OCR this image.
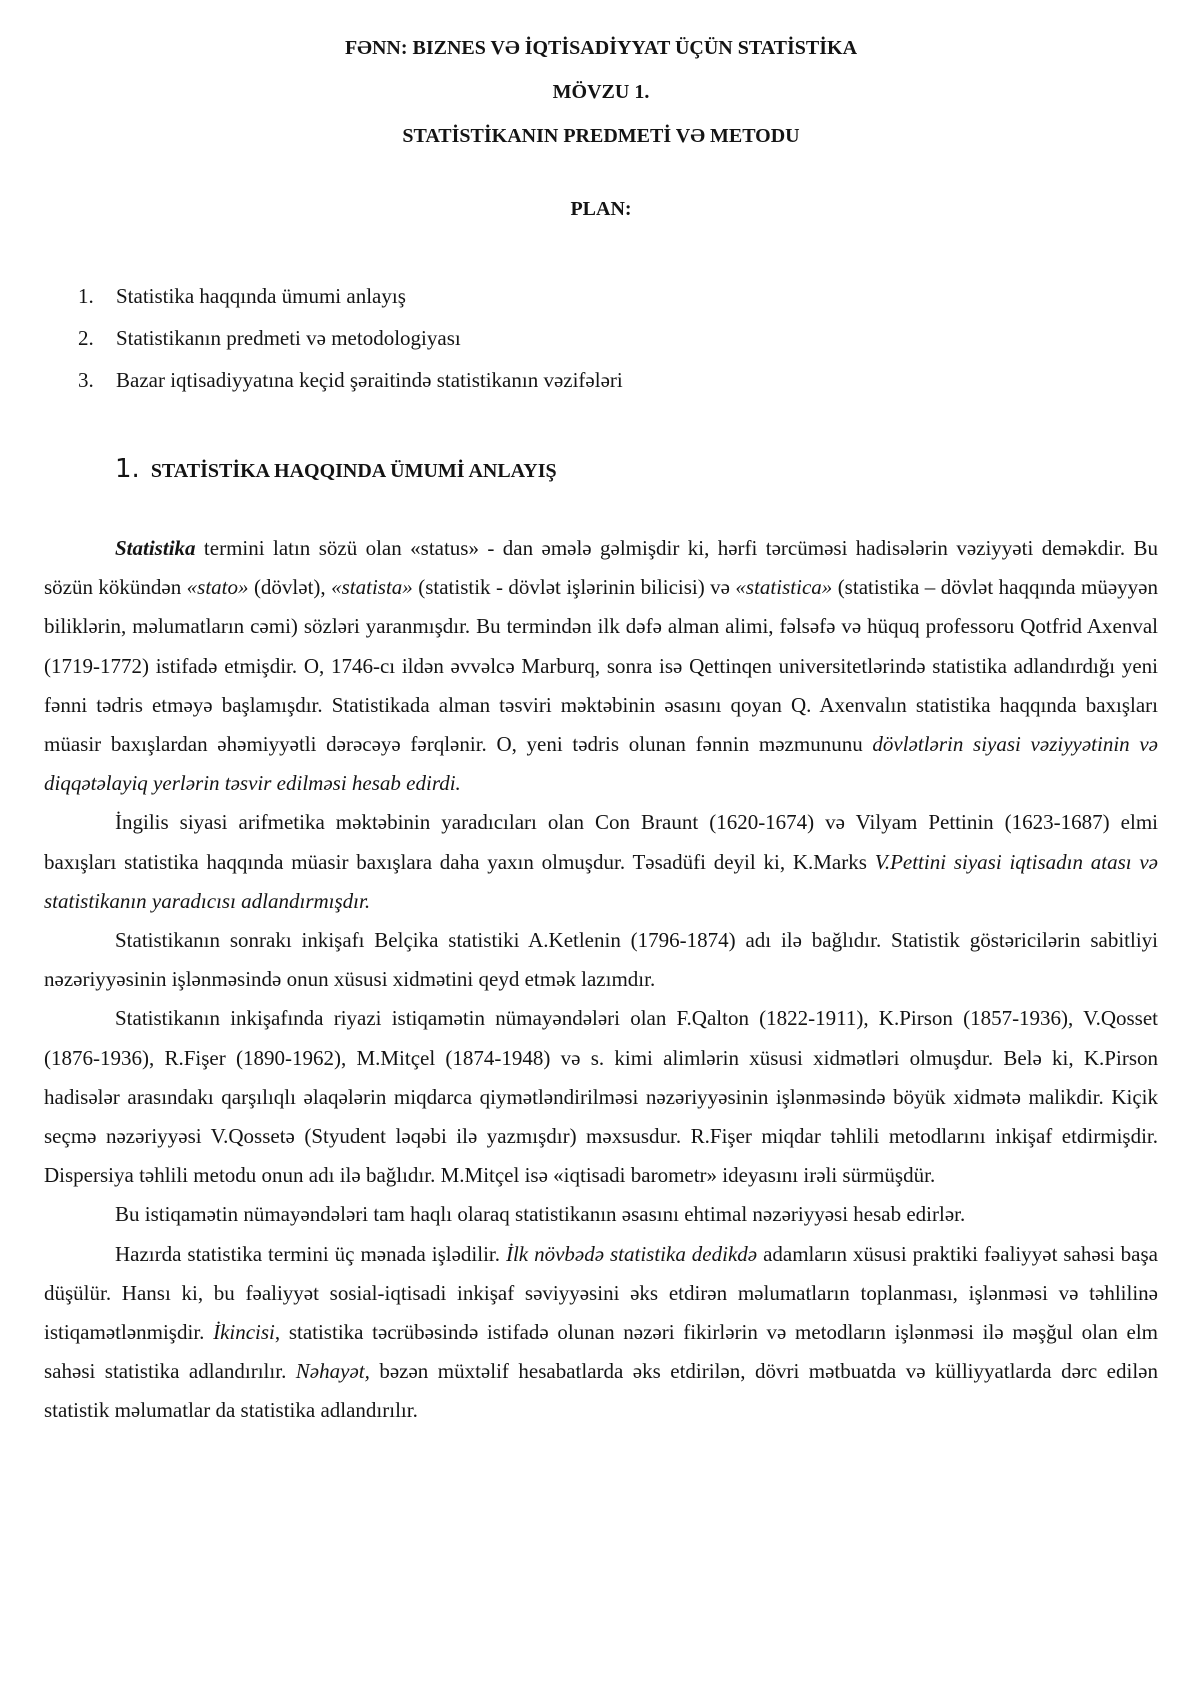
FƏNN: BIZNES VƏ İQTİSADİYYAT ÜÇÜN STATİSTİKA

MÖVZU 1.

STATİSTİKANIN PREDMETİ VƏ METODU

PLAN:

1. Statistika haqqında ümumi anlayış
2. Statistikanın predmeti və metodologiyası
3. Bazar iqtisadiyyatına keçid şəraitində statistikanın vəzifələri
1. STATİSTİKA HAQQINDA ÜMUMİ ANLAYIŞ

Statistika termini latın sözü olan «status» - dan əmələ gəlmişdir ki, hərfi tərcüməsi hadisələrin vəziyyəti deməkdir. Bu sözün kökündən «stato» (dövlət), «statista» (statistik - dövlət işlərinin bilicisi) və «statistica» (statistika – dövlət haqqında müəyyən biliklərin, məlumatların cəmi) sözləri yaranmışdır. Bu termindən ilk dəfə alman alimi, fəlsəfə və hüquq professoru Qotfrid Axenval (1719-1772) istifadə etmişdir. O, 1746-cı ildən əvvəlcə Marburq, sonra isə Qettinqen universitetlərində statistika adlandırdığı yeni fənni tədris etməyə başlamışdır. Statistikada alman təsviri məktəbinin əsasını qoyan Q. Axenvalın statistika haqqında baxışları müasir baxışlardan əhəmiyyətli dərəcəyə fərqlənir. O, yeni tədris olunan fənnin məzmununu dövlətlərin siyasi vəziyyətinin və diqqətəlayiq yerlərin təsvir edilməsi hesab edirdi.

İngilis siyasi arifmetika məktəbinin yaradıcıları olan Con Braunt (1620-1674) və Vilyam Pettinin (1623-1687) elmi baxışları statistika haqqında müasir baxışlara daha yaxın olmuşdur. Təsadüfi deyil ki, K.Marks V.Pettini siyasi iqtisadın atası və statistikanın yaradıcısı adlandırmışdır.

Statistikanın sonrakı inkişafı Belçika statistiki A.Ketlenin (1796-1874) adı ilə bağlıdır. Statistik göstəricilərin sabitliyi nəzəriyyəsinin işlənməsində onun xüsusi xidmətini qeyd etmək lazımdır.

Statistikanın inkişafında riyazi istiqamətin nümayəndələri olan F.Qalton (1822-1911), K.Pirson (1857-1936), V.Qosset (1876-1936), R.Fişer (1890-1962), M.Mitçel (1874-1948) və s. kimi alimlərin xüsusi xidmətləri olmuşdur. Belə ki, K.Pirson hadisələr arasındakı qarşılıqlı əlaqələrin miqdarca qiymətləndirilməsi nəzəriyyəsinin işlənməsində böyük xidmətə malikdir. Kiçik seçmə nəzəriyyəsi V.Qossetə (Styudent ləqəbi ilə yazmışdır) məxsusdur. R.Fişer miqdar təhlili metodlarını inkişaf etdirmişdir. Dispersiya təhlili metodu onun adı ilə bağlıdır. M.Mitçel isə «iqtisadi barometr» ideyasını irəli sürmüşdür.

Bu istiqamətin nümayəndələri tam haqlı olaraq statistikanın əsasını ehtimal nəzəriyyəsi hesab edirlər.

Hazırda statistika termini üç mənada işlədilir. İlk növbədə statistika dedikdə adamların xüsusi praktiki fəaliyyət sahəsi başa düşülür. Hansı ki, bu fəaliyyət sosial-iqtisadi inkişaf səviyyəsini əks etdirən məlumatların toplanması, işlənməsi və təhlilinə istiqamətlənmişdir. İkincisi, statistika təcrübəsində istifadə olunan nəzəri fikirlərin və metodların işlənməsi ilə məşğul olan elm sahəsi statistika adlandırılır. Nəhayət, bəzən müxtəlif hesabatlarda əks etdirilən, dövri mətbuatda və külliyyatlarda dərc edilən statistik məlumatlar da statistika adlandırılır.
